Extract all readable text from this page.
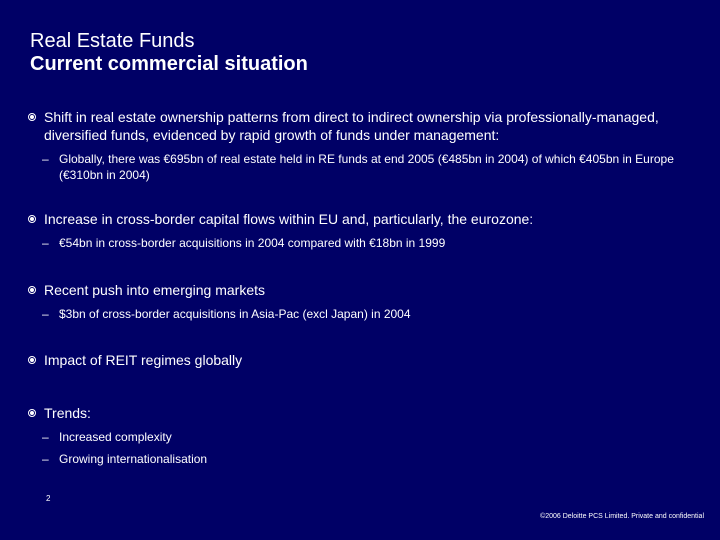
Real Estate Funds
Current commercial situation
Shift in real estate ownership patterns from direct to indirect ownership via professionally-managed, diversified funds, evidenced by rapid growth of funds under management:
– Globally, there was €695bn of real estate held in RE funds at end 2005 (€485bn in 2004) of which €405bn in Europe (€310bn in 2004)
Increase in cross-border capital flows within EU and, particularly, the eurozone:
– €54bn in cross-border acquisitions in 2004 compared with €18bn in 1999
Recent push into emerging markets
– $3bn of cross-border acquisitions in Asia-Pac (excl Japan) in 2004
Impact of REIT regimes globally
Trends:
– Increased complexity
– Growing internationalisation
2
©2006 Deloitte PCS Limited. Private and confidential
